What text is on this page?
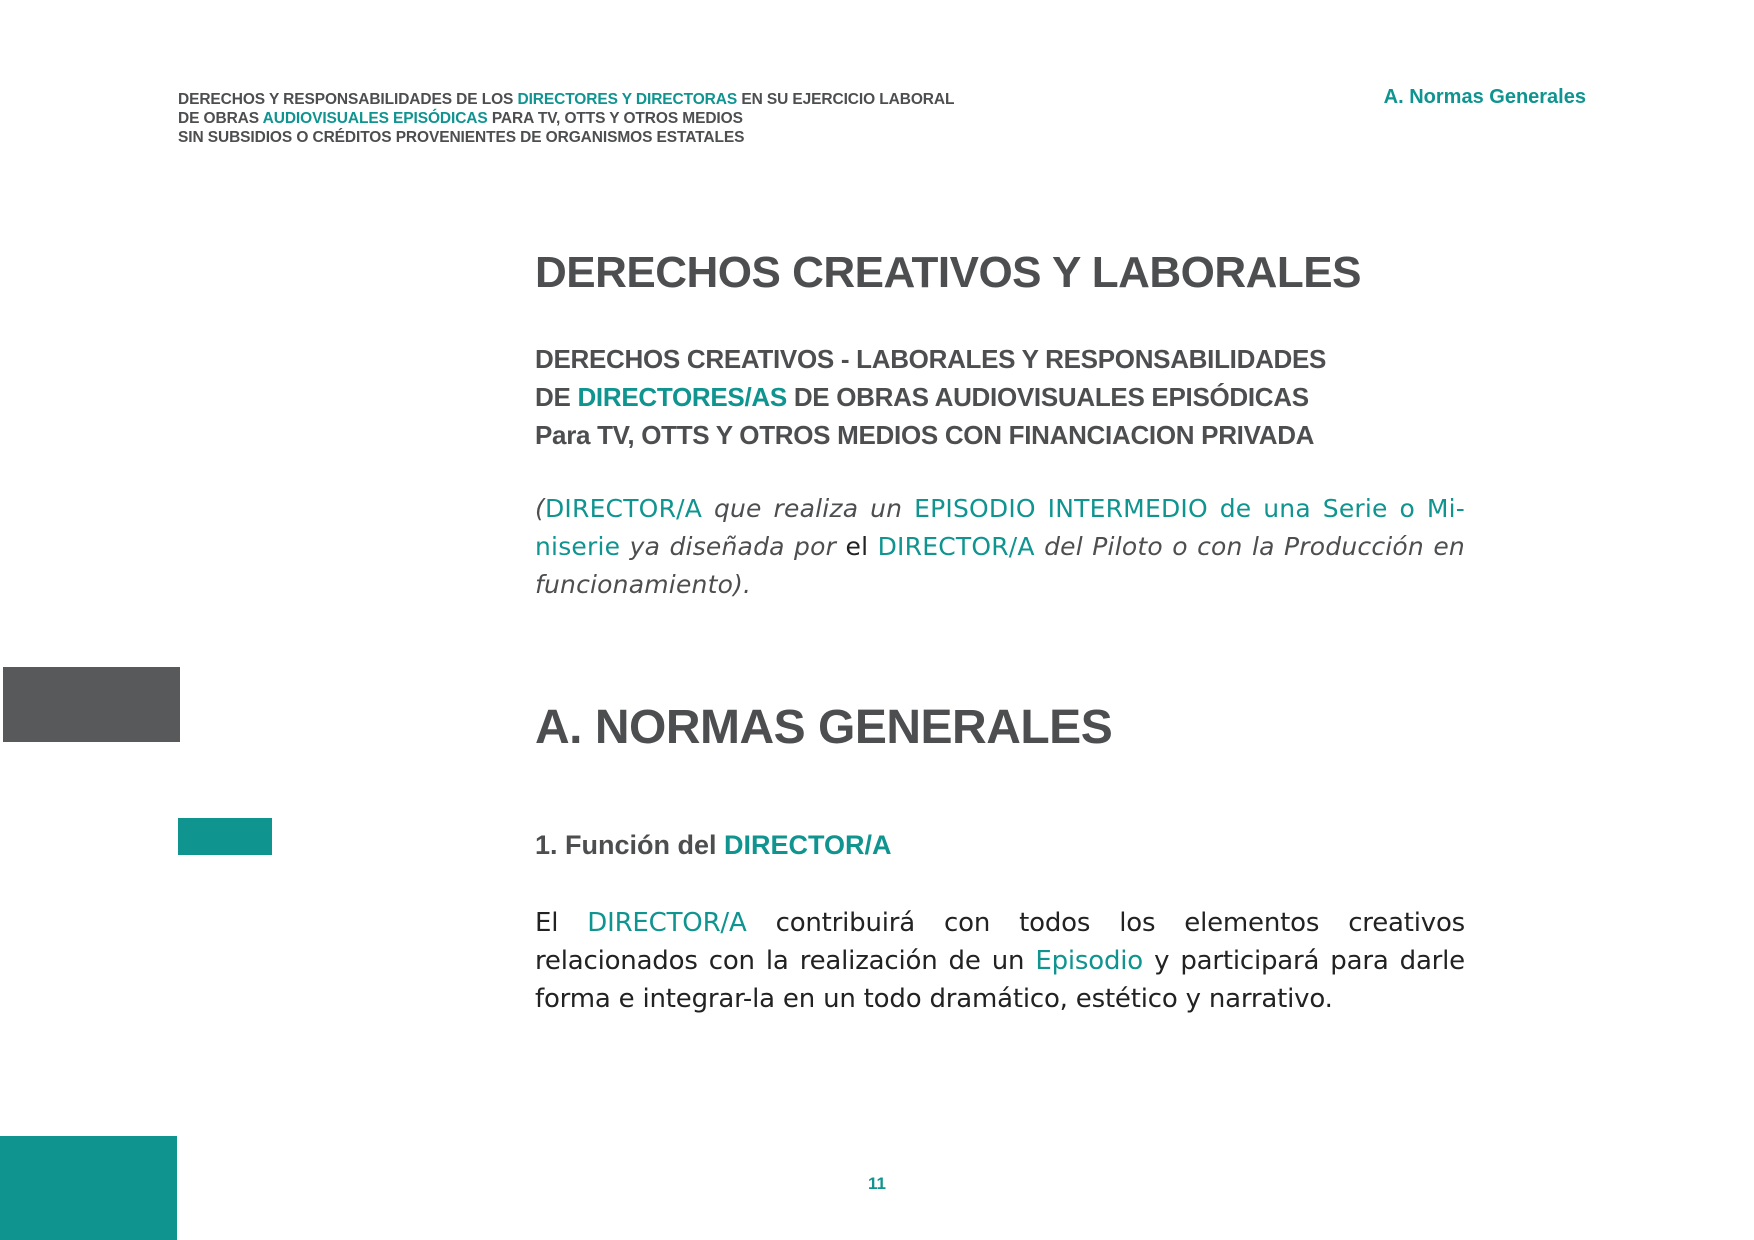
DERECHOS Y RESPONSABILIDADES DE LOS DIRECTORES Y DIRECTORAS EN SU EJERCICIO LABORAL
DE OBRAS AUDIOVISUALES EPISÓDICAS PARA TV, OTTS Y OTROS MEDIOS
SIN SUBSIDIOS O CRÉDITOS PROVENIENTES DE ORGANISMOS ESTATALES
A. Normas Generales
DERECHOS CREATIVOS Y LABORALES
DERECHOS CREATIVOS - LABORALES Y RESPONSABILIDADES
DE DIRECTORES/AS DE OBRAS AUDIOVISUALES EPISÓDICAS
Para TV, OTTS Y OTROS MEDIOS CON FINANCIACION PRIVADA
(DIRECTOR/A que realiza un EPISODIO INTERMEDIO de una Serie o Mi-niserie ya diseñada por el DIRECTOR/A del Piloto o con la Producción en funcionamiento).
A. NORMAS GENERALES
1. Función del DIRECTOR/A
El DIRECTOR/A contribuirá con todos los elementos creativos relacionados con la realización de un Episodio y participará para darle forma e integrar-la en un todo dramático, estético y narrativo.
11
